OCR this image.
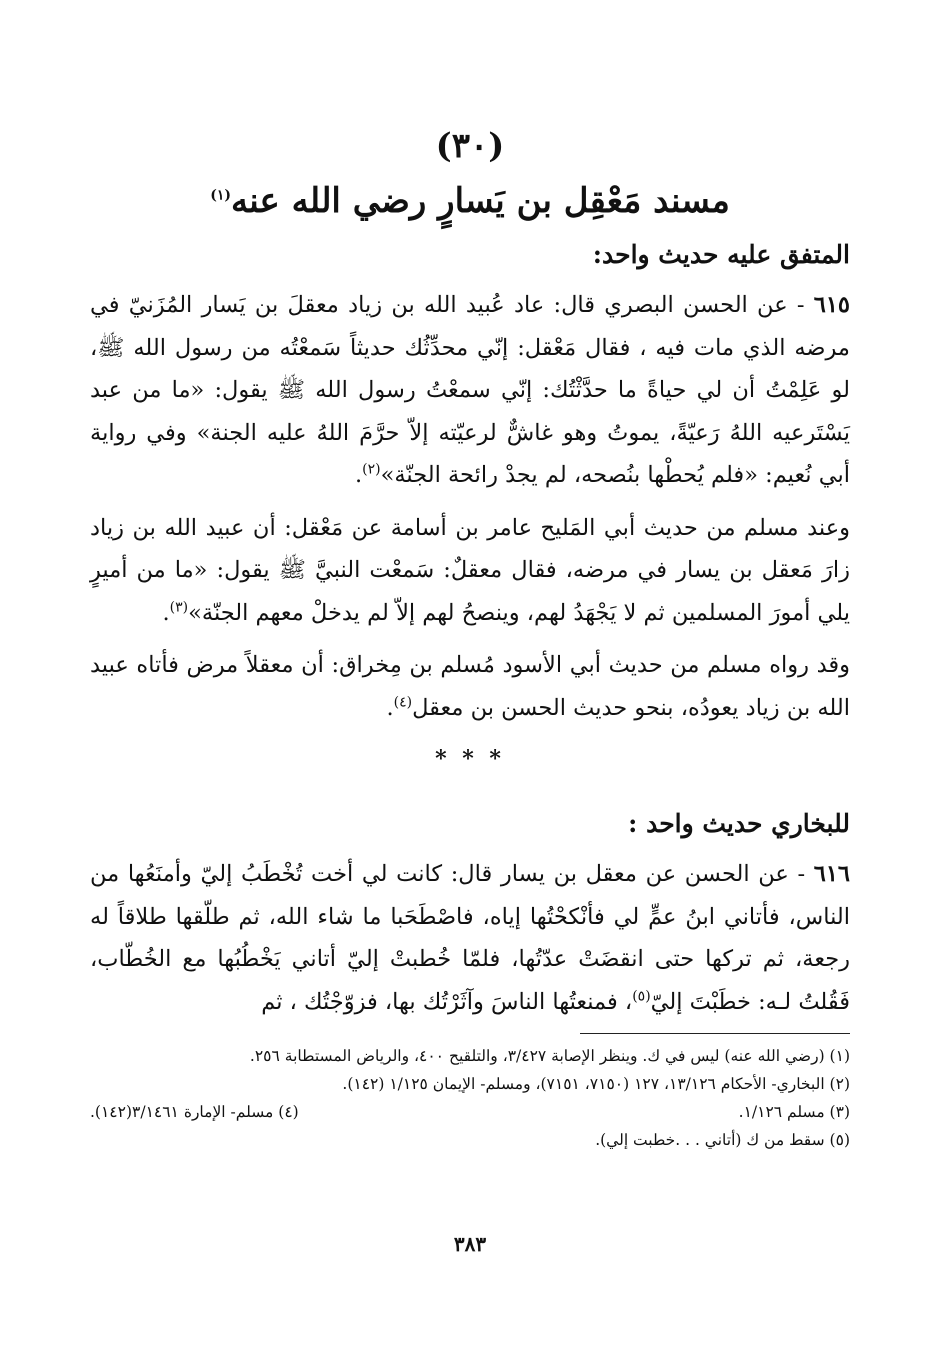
(٣٠)
مسند مَعْقِل بن يَسارٍ رضي الله عنه$^{(١)}$
المتفق عليه حديث واحد:
٦١٥ - عن الحسن البصري قال: عاد عُبيد الله بن زياد معقلَ بن يَسار المُزَنيّ في مرضه الذي مات فيه ، فقال مَعْقل: إنّي محدِّثُك حديثاً سَمعْتُه من رسول الله ﷺ، لو عَلِمْتُ أن لي حياةً ما حدَّثْتُك: إنّي سمعْتُ رسول الله ﷺ يقول: «ما من عبد يَسْتَرعيه اللهُ رَعيّةً، يموتُ وهو غاشٌّ لرعيّته إلاّ حرَّمَ اللهُ عليه الجنة» وفي رواية أبي نُعيم: «فلم يُحطْها بنُصحه، لم يجدْ رائحة الجنّة»$^{(٢)}$.
وعند مسلم من حديث أبي المَليح عامر بن أسامة عن مَعْقل: أن عبيد الله بن زياد زارَ مَعقل بن يسار في مرضه، فقال معقلٌ: سَمعْت النبيَّ ﷺ يقول: «ما من أميرٍ يلي أمورَ المسلمين ثم لا يَجْهَدُ لهم، وينصحُ لهم إلاّ لم يدخلْ معهم الجنّة»$^{(٣)}$.
وقد رواه مسلم من حديث أبي الأسود مُسلم بن مِخراق: أن معقلاً مرض فأتاه عبيد الله بن زياد يعودُه، بنحو حديث الحسن بن معقل$^{(٤)}$.
* * *
للبخاري حديث واحد :
٦١٦ - عن الحسن عن معقل بن يسار قال: كانت لي أخت تُخْطَبُ إليّ وأمنَعُها من الناس، فأتاني ابنُ عمٍّ لي فأنْكحْتُها إياه، فاصْطَحَبا ما شاء الله، ثم طلّقها طلاقاً له رجعة، ثم تركها حتى انقضَتْ عدّتُها، فلمّا خُطبتْ إليّ أتاني يَخْطُبُها مع الخُطّاب، فَقُلتُ لـه: خطَبْتَ إليّ$^{(٥)}$، فمنعتُها الناسَ وآثَرْتُك بها، فزوّجْتُك ، ثم
(١) (رضي الله عنه) ليس في ك. وينظر الإصابة ٣/٤٢٧، والتلقيح ٤٠٠، والرياض المستطابة ٢٥٦.
(٢) البخاري- الأحكام ١٣/١٢٦، ١٢٧ (٧١٥٠، ٧١٥١)، ومسلم- الإيمان ١/١٢٥ (١٤٢).
(٣) مسلم ١/١٢٦.
(٤) مسلم- الإمارة ٣/١٤٦١(١٤٢).
(٥) سقط من ك (أتاني . . .خطبت إلي).
٣٨٣
